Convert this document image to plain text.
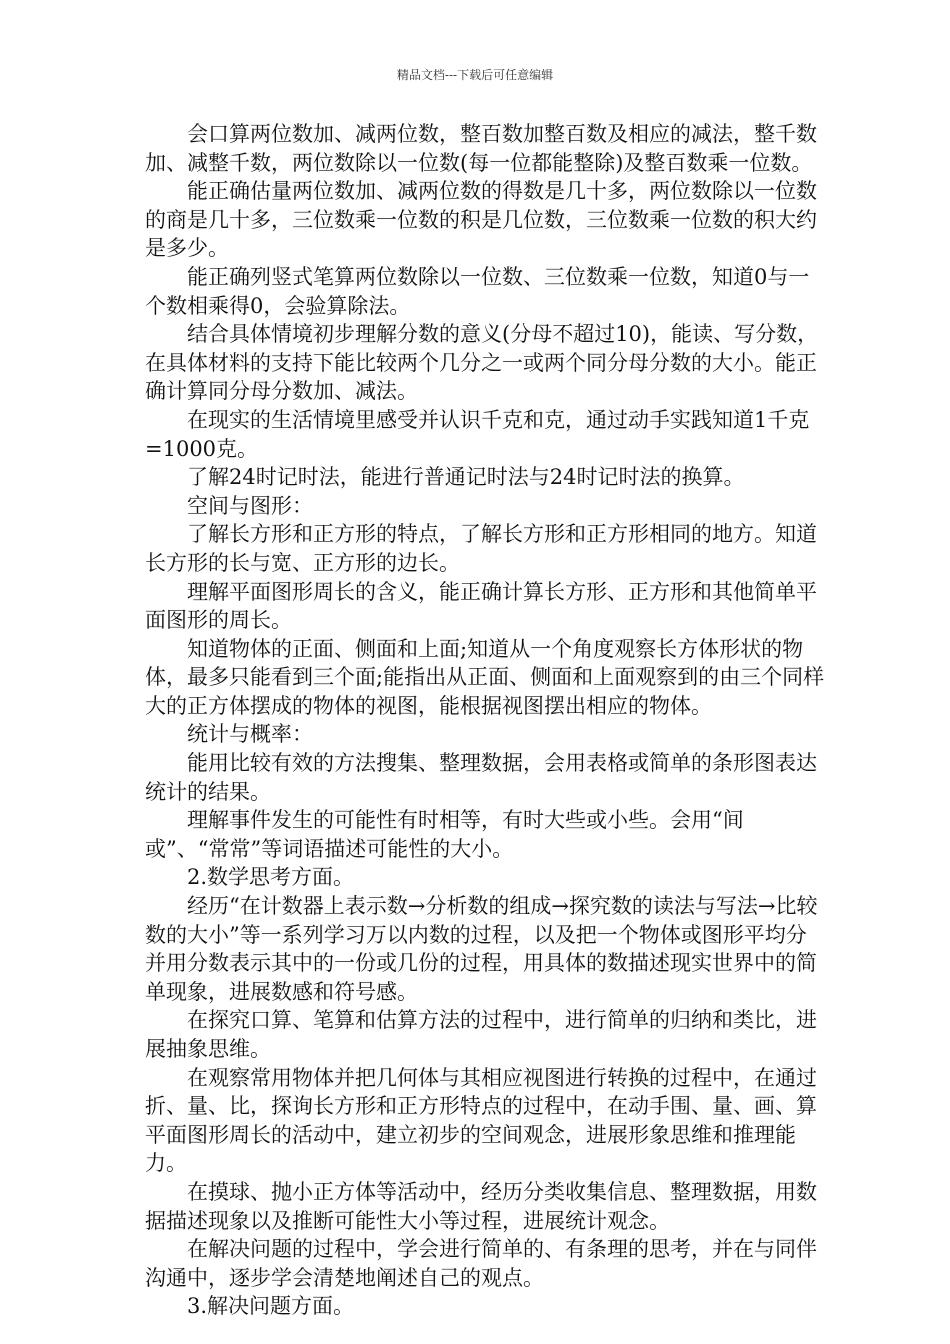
精品文档---下载后可任意编辑

会口算两位数加、减两位数，整百数加整百数及相应的减法，整千数加、减整千数，两位数除以一位数(每一位都能整除)及整百数乘一位数。

能正确估量两位数加、减两位数的得数是几十多，两位数除以一位数的商是几十多，三位数乘一位数的积是几位数，三位数乘一位数的积大约是多少。

能正确列竖式笔算两位数除以一位数、三位数乘一位数，知道0与一个数相乘得0，会验算除法。

结合具体情境初步理解分数的意义(分母不超过10)，能读、写分数，在具体材料的支持下能比较两个几分之一或两个同分母分数的大小。能正确计算同分母分数加、减法。

在现实的生活情境里感受并认识千克和克，通过动手实践知道1千克=1000克。

了解24时记时法，能进行普通记时法与24时记时法的换算。

空间与图形：

了解长方形和正方形的特点，了解长方形和正方形相同的地方。知道长方形的长与宽、正方形的边长。

理解平面图形周长的含义，能正确计算长方形、正方形和其他简单平面图形的周长。

知道物体的正面、侧面和上面;知道从一个角度观察长方体形状的物体，最多只能看到三个面;能指出从正面、侧面和上面观察到的由三个同样大的正方体摆成的物体的视图，能根据视图摆出相应的物体。

统计与概率：

能用比较有效的方法搜集、整理数据，会用表格或简单的条形图表达统计的结果。

理解事件发生的可能性有时相等，有时大些或小些。会用“间或”、“常常”等词语描述可能性的大小。

2.数学思考方面。

经历“在计数器上表示数→分析数的组成→探究数的读法与写法→比较数的大小”等一系列学习万以内数的过程，以及把一个物体或图形平均分并用分数表示其中的一份或几份的过程，用具体的数描述现实世界中的简单现象，进展数感和符号感。

在探究口算、笔算和估算方法的过程中，进行简单的归纳和类比，进展抽象思维。

在观察常用物体并把几何体与其相应视图进行转换的过程中，在通过折、量、比，探询长方形和正方形特点的过程中，在动手围、量、画、算平面图形周长的活动中，建立初步的空间观念，进展形象思维和推理能力。

在摸球、抛小正方体等活动中，经历分类收集信息、整理数据，用数据描述现象以及推断可能性大小等过程，进展统计观念。

在解决问题的过程中，学会进行简单的、有条理的思考，并在与同伴沟通中，逐步学会清楚地阐述自己的观点。

3.解决问题方面。
